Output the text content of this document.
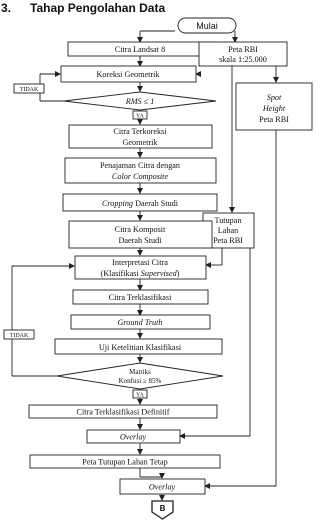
3. Tahap Pengolahan Data
Mulai
Citra Landsat 8	Peta RBI
skala 1:25.000
Koreksi Geometrik
TIDAK
RMS ≤ 1
YA
Spot
Height
Peta RBI
Citra Terkoreksi
Geometrik
Penajaman Citra dengan
Color Composite
Cropping Daerah Studi
Tutupan
Lahan
Peta RBI
Citra Komposit
Daerah Studi
Interpretasi Citra
(Klasifikasi Supervised)
Citra Terklasifikasi
Ground Truth
TIDAK
Uji Ketelitian Klasifikasi
Matriks
Konfusi ≥ 85%
YA
Citra Terklasifikasi Definitif
Overlay
Peta Tutupan Lahan Tetap
Overlay
B
